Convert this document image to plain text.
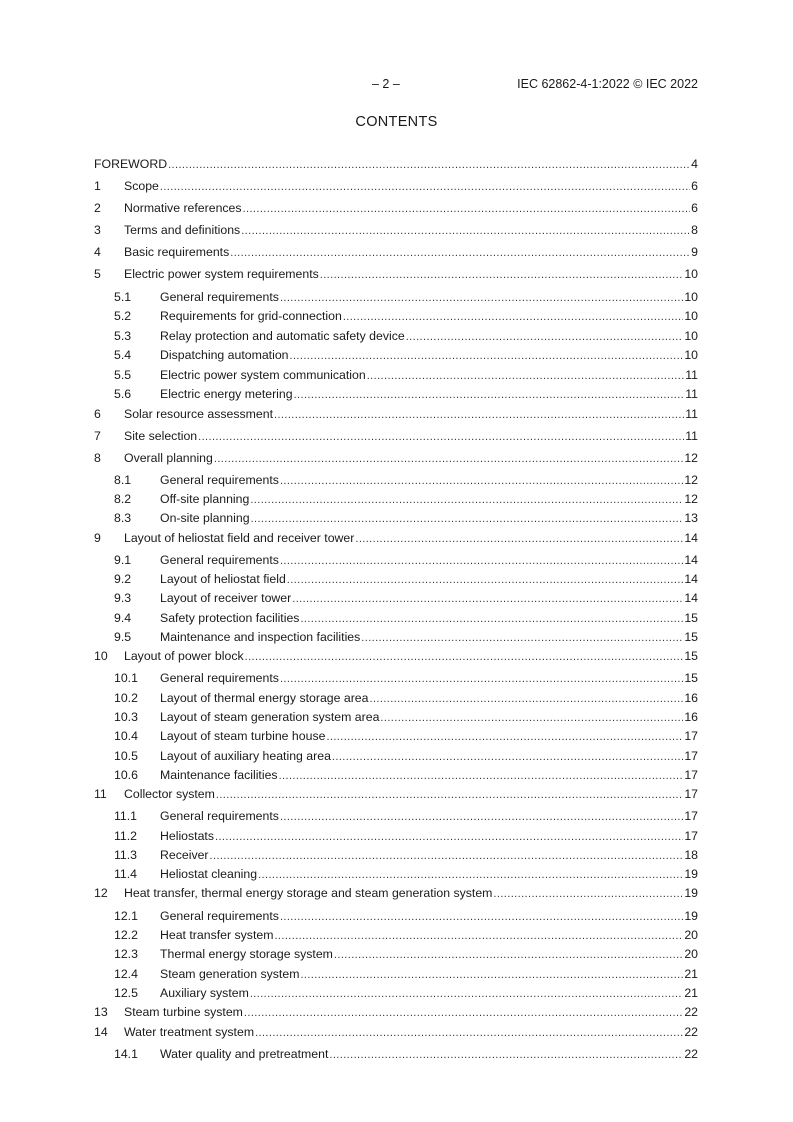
– 2 –	IEC 62862-4-1:2022 © IEC 2022
CONTENTS
FOREWORD .....	4
1	Scope .....	6
2	Normative references .....	6
3	Terms and definitions .....	8
4	Basic requirements .....	9
5	Electric power system requirements .....	10
5.1	General requirements .....	10
5.2	Requirements for grid-connection .....	10
5.3	Relay protection and automatic safety device .....	10
5.4	Dispatching automation .....	10
5.5	Electric power system communication .....	11
5.6	Electric energy metering .....	11
6	Solar resource assessment .....	11
7	Site selection .....	11
8	Overall planning .....	12
8.1	General requirements .....	12
8.2	Off-site planning .....	12
8.3	On-site planning .....	13
9	Layout of heliostat field and receiver tower .....	14
9.1	General requirements .....	14
9.2	Layout of heliostat field .....	14
9.3	Layout of receiver tower .....	14
9.4	Safety protection facilities .....	15
9.5	Maintenance and inspection facilities .....	15
10	Layout of power block .....	15
10.1	General requirements .....	15
10.2	Layout of thermal energy storage area .....	16
10.3	Layout of steam generation system area .....	16
10.4	Layout of steam turbine house .....	17
10.5	Layout of auxiliary heating area .....	17
10.6	Maintenance facilities .....	17
11	Collector system .....	17
11.1	General requirements .....	17
11.2	Heliostats .....	17
11.3	Receiver .....	18
11.4	Heliostat cleaning .....	19
12	Heat transfer, thermal energy storage and steam generation system .....	19
12.1	General requirements .....	19
12.2	Heat transfer system .....	20
12.3	Thermal energy storage system .....	20
12.4	Steam generation system .....	21
12.5	Auxiliary system .....	21
13	Steam turbine system .....	22
14	Water treatment system .....	22
14.1	Water quality and pretreatment .....	22
